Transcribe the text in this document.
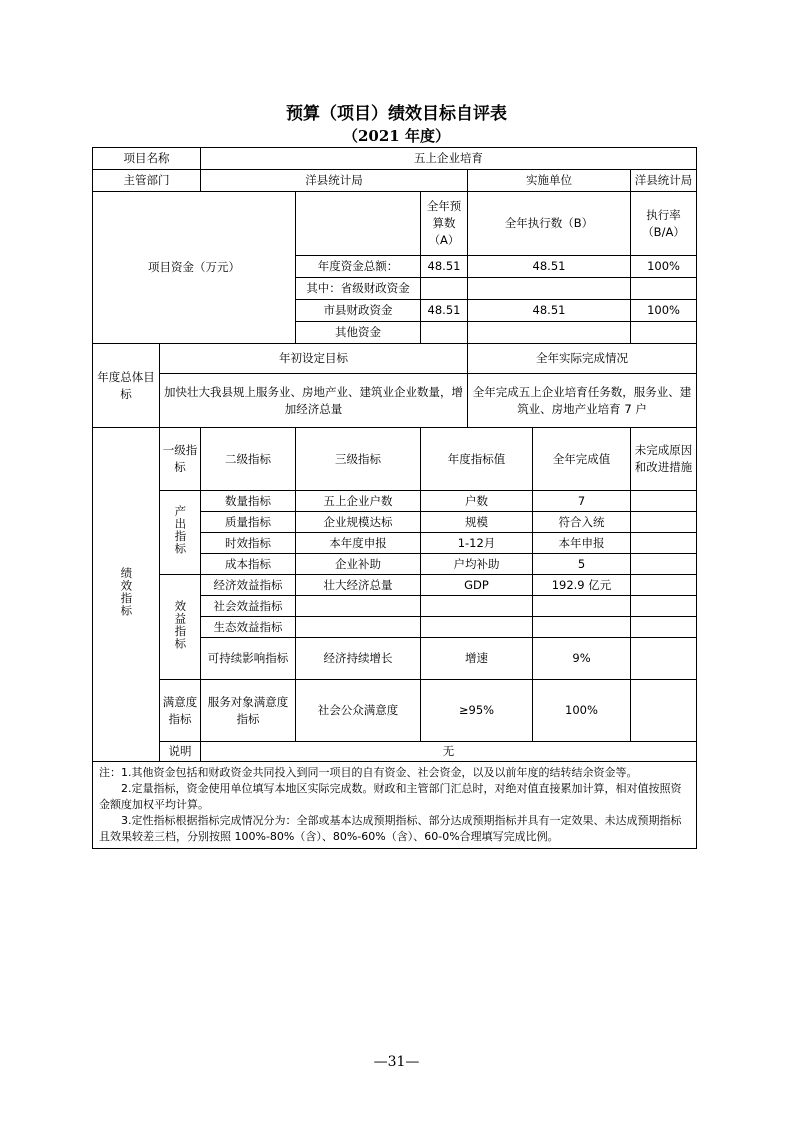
预算（项目）绩效目标自评表
（2021 年度）
项目名称		五上企业培育					
主管部门		洋县统计局			实施单位		洋县统计局
项目资金（万元）				全年预算数（A）	全年执行数（B）		执行率（B/A）
			年度资金总额：	48.51	48.51		100%
			其中：省级财政资金				
			市县财政资金	48.51	48.51		100%
			其他资金				
年度总体目标	年初设定目标				全年实际完成情况		
	加快壮大我县规上服务业、房地产业、建筑业企业数量，增加经济总量				全年完成五上企业培育任务数，服务业、建筑业、房地产业培育 7 户		
绩效指标	一级指标	二级指标	三级指标	年度指标值		全年完成值	未完成原因和改进措施
	产出指标	数量指标	五上企业户数	户数		7	
		质量指标	企业规模达标	规模		符合入统	
		时效指标	本年度申报	1-12月		本年申报	
		成本指标	企业补助	户均补助		5	
	效益指标	经济效益指标	壮大经济总量	GDP		192.9 亿元	
		社会效益指标					
		生态效益指标					
		可持续影响指标	经济持续增长	增速		9%	
	满意度指标	服务对象满意度指标	社会公众满意度	≥95%		100%	
	说明	无					
注：1.其他资金包括和财政资金共同投入到同一项目的自有资金、社会资金，以及以前年度的结转结余资金等。
2.定量指标，资金使用单位填写本地区实际完成数。财政和主管部门汇总时，对绝对值直接累加计算，相对值按照资金额度加权平均计算。
3.定性指标根据指标完成情况分为：全部或基本达成预期指标、部分达成预期指标并具有一定效果、未达成预期指标且效果较差三档，分别按照 100%-80%（含）、80%-60%（含）、60-0%合理填写完成比例。							
—31—
